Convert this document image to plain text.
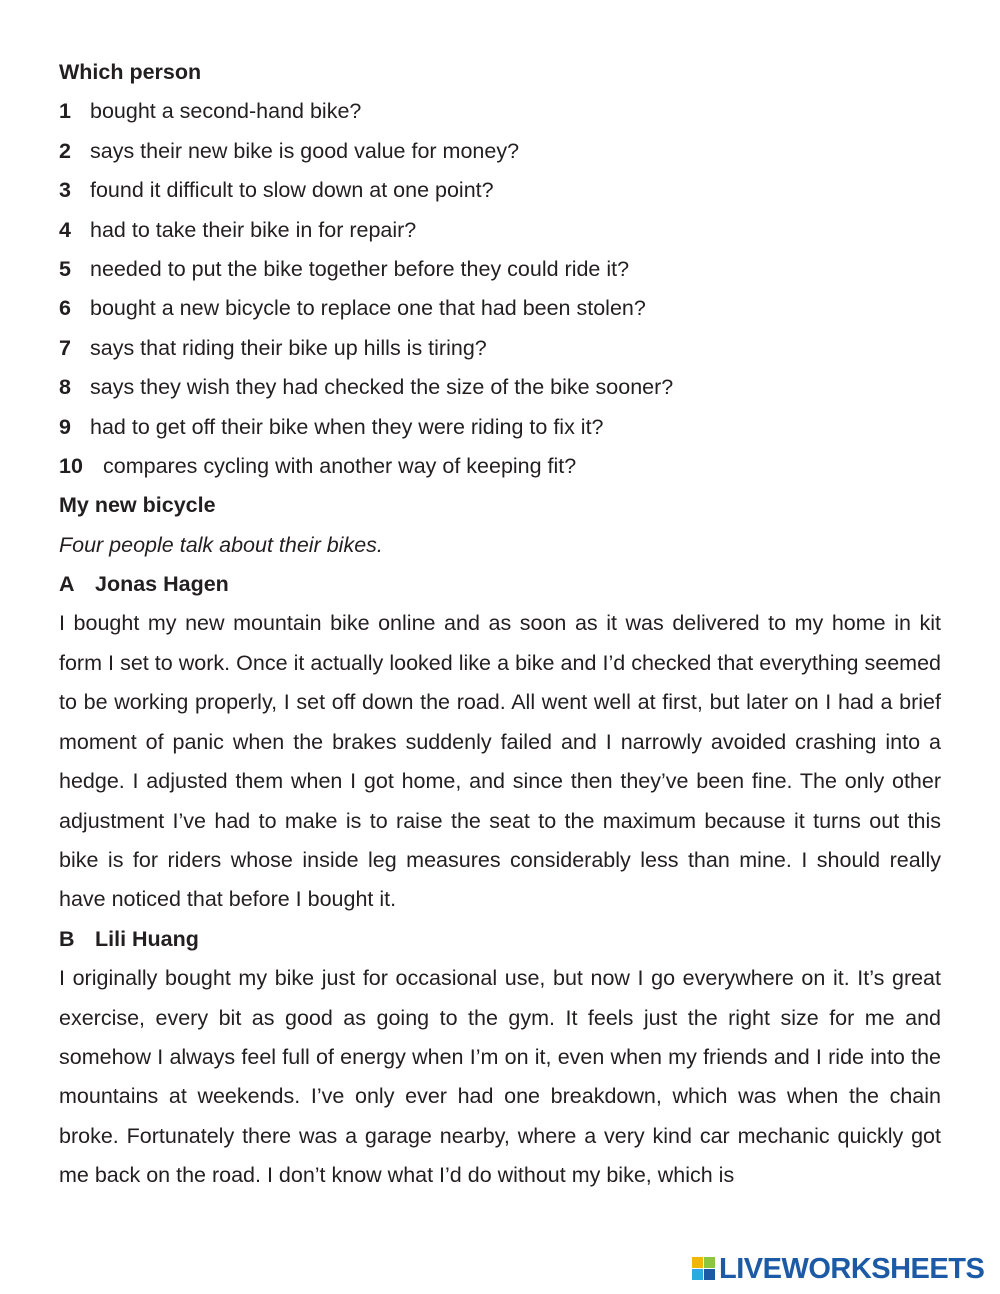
Which person
1 bought a second-hand bike?
2 says their new bike is good value for money?
3 found it difficult to slow down at one point?
4 had to take their bike in for repair?
5 needed to put the bike together before they could ride it?
6 bought a new bicycle to replace one that had been stolen?
7 says that riding their bike up hills is tiring?
8 says they wish they had checked the size of the bike sooner?
9 had to get off their bike when they were riding to fix it?
10 compares cycling with another way of keeping fit?
My new bicycle
Four people talk about their bikes.
A Jonas Hagen
I bought my new mountain bike online and as soon as it was delivered to my home in kit form I set to work. Once it actually looked like a bike and I’d checked that everything seemed to be working properly, I set off down the road. All went well at first, but later on I had a brief moment of panic when the brakes suddenly failed and I narrowly avoided crashing into a hedge. I adjusted them when I got home, and since then they’ve been fine. The only other adjustment I’ve had to make is to raise the seat to the maximum because it turns out this bike is for riders whose inside leg measures considerably less than mine. I should really have noticed that before I bought it.
B Lili Huang
I originally bought my bike just for occasional use, but now I go everywhere on it. It’s great exercise, every bit as good as going to the gym. It feels just the right size for me and somehow I always feel full of energy when I’m on it, even when my friends and I ride into the mountains at weekends. I’ve only ever had one breakdown, which was when the chain broke. Fortunately there was a garage nearby, where a very kind car mechanic quickly got me back on the road. I don’t know what I’d do without my bike, which is
LIVEWORKSHEETS
